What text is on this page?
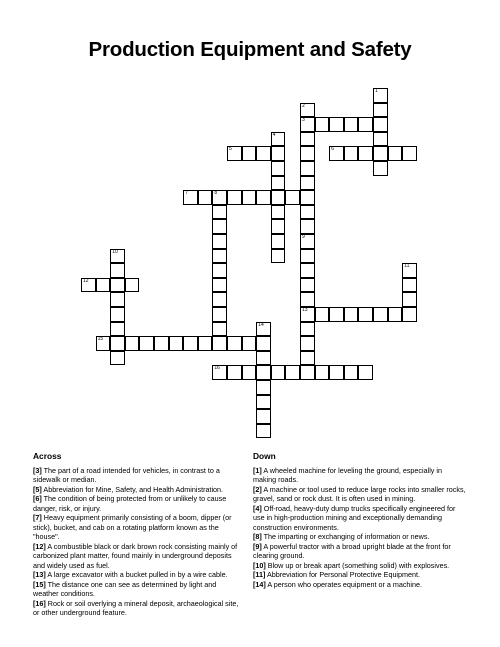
Production Equipment and Safety
1
2
3
9
13
4
5	6
7	8
10
11
12
14
15
16
Across
[3] The part of a road intended for vehicles, in contrast to a sidewalk or median.
[5] Abbreviation for Mine, Safety, and Health Administration.
[6] The condition of being protected from or unlikely to cause danger, risk, or injury.
[7] Heavy equipment primarily consisting of a boom, dipper (or stick), bucket, and cab on a rotating platform known as the "house".
[12] A combustible black or dark brown rock consisting mainly of carbonized plant matter, found mainly in underground deposits and widely used as fuel.
[13] A large excavator with a bucket pulled in by a wire cable.
[15] The distance one can see as determined by light and weather conditions.
[16] Rock or soil overlying a mineral deposit, archaeological site, or other underground feature.
Down
[1] A wheeled machine for leveling the ground, especially in making roads.
[2] A machine or tool used to reduce large rocks into smaller rocks, gravel, sand or rock dust. It is often used in mining.
[4] Off-road, heavy-duty dump trucks specifically engineered for use in high-production mining and exceptionally demanding construction environments.
[8] The imparting or exchanging of information or news.
[9] A powerful tractor with a broad upright blade at the front for clearing ground.
[10] Blow up or break apart (something solid) with explosives.
[11] Abbreviation for Personal Protective Equipment.
[14] A person who operates equipment or a machine.
